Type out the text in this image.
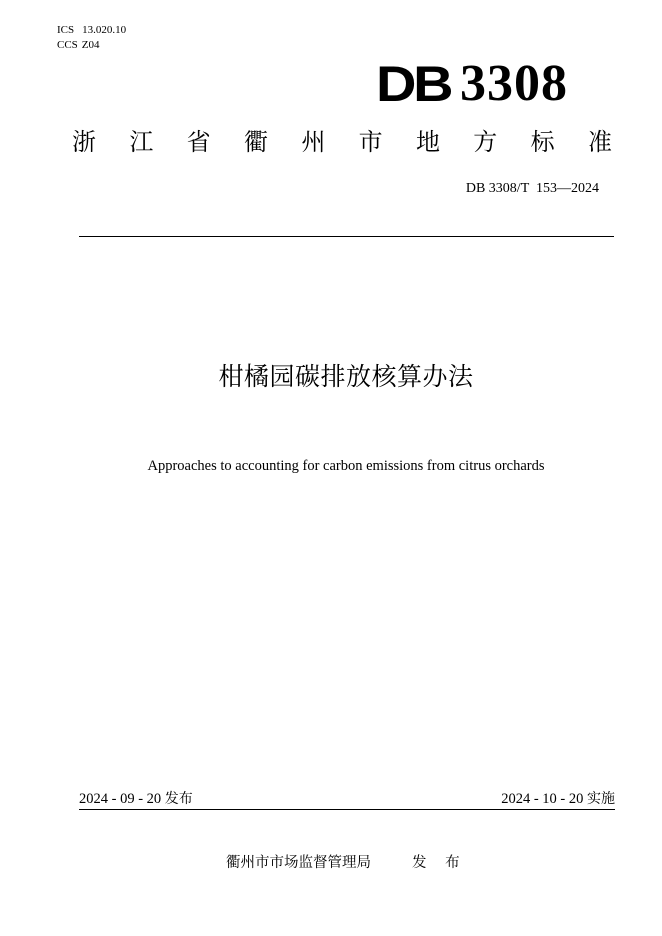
ICS 13.020.10
CCS Z04
DB 3308
浙 江 省 衢 州 市 地 方 标 准
DB 3308/T  153—2024
柑橘园碳排放核算办法
Approaches to accounting for carbon emissions from citrus orchards
2024 - 09 - 20 发布	2024 - 10 - 20 实施
衢州市市场监督管理局	发 布
